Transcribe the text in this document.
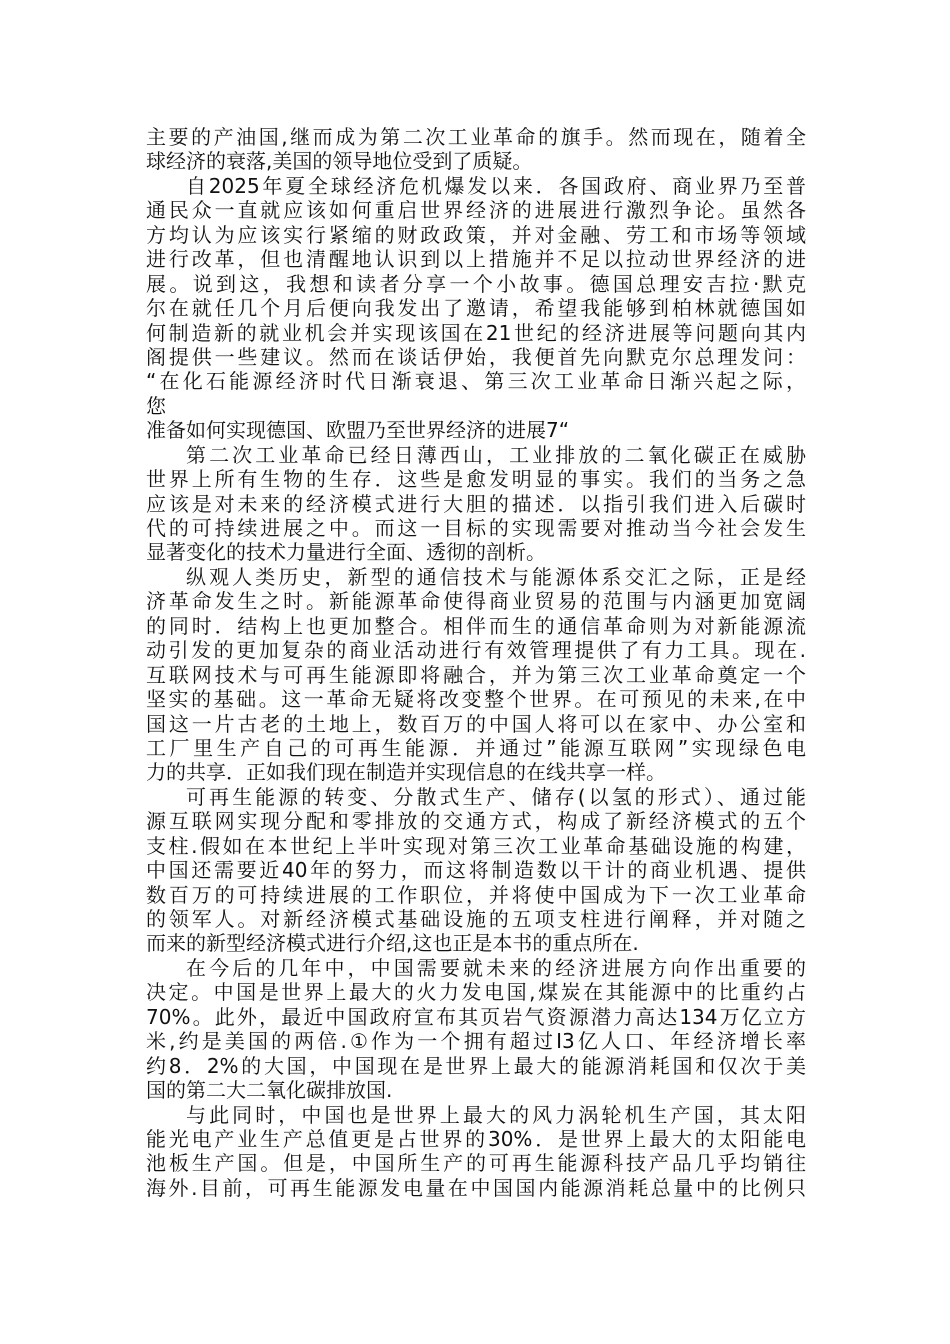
主要的产油国,继而成为第二次工业革命的旗手。然而现在，随着全
球经济的衰落,美国的领导地位受到了质疑。
自2025年夏全球经济危机爆发以来．各国政府、商业界乃至普
通民众一直就应该如何重启世界经济的进展进行激烈争论。虽然各
方均认为应该实行紧缩的财政政策，并对金融、劳工和市场等领域
进行改革，但也清醒地认识到以上措施并不足以拉动世界经济的进
展。说到这，我想和读者分享一个小故事。德国总理安吉拉·默克
尔在就任几个月后便向我发出了邀请，希望我能够到柏林就德国如
何制造新的就业机会并实现该国在21世纪的经济进展等问题向其内
阁提供一些建议。然而在谈话伊始，我便首先向默克尔总理发问：
“在化石能源经济时代日渐衰退、第三次工业革命日渐兴起之际，
您
准备如何实现德国、欧盟乃至世界经济的进展7“
第二次工业革命已经日薄西山，工业排放的二氧化碳正在威胁
世界上所有生物的生存．这些是愈发明显的事实。我们的当务之急
应该是对未来的经济模式进行大胆的描述．以指引我们进入后碳时
代的可持续进展之中。而这一目标的实现需要对推动当今社会发生
显著变化的技术力量进行全面、透彻的剖析。
纵观人类历史，新型的通信技术与能源体系交汇之际，正是经
济革命发生之时。新能源革命使得商业贸易的范围与内涵更加宽阔
的同时．结构上也更加整合。相伴而生的通信革命则为对新能源流
动引发的更加复杂的商业活动进行有效管理提供了有力工具。现在.
互联网技术与可再生能源即将融合，并为第三次工业革命奠定一个
坚实的基础。这一革命无疑将改变整个世界。在可预见的未来,在中
国这一片古老的土地上，数百万的中国人将可以在家中、办公室和
工厂里生产自己的可再生能源．并通过”能源互联网”实现绿色电
力的共享．正如我们现在制造并实现信息的在线共享一样。
可再生能源的转变、分散式生产、储存(以氢的形式）、通过能
源互联网实现分配和零排放的交通方式，构成了新经济模式的五个
支柱.假如在本世纪上半叶实现对第三次工业革命基础设施的构建，
中国还需要近40年的努力，而这将制造数以干计的商业机遇、提供
数百万的可持续进展的工作职位，并将使中国成为下一次工业革命
的领军人。对新经济模式基础设施的五项支柱进行阐释，并对随之
而来的新型经济模式进行介绍,这也正是本书的重点所在.
在今后的几年中，中国需要就未来的经济进展方向作出重要的
决定。中国是世界上最大的火力发电国,煤炭在其能源中的比重约占
70%。此外，最近中国政府宣布其页岩气资源潜力高达134万亿立方
米,约是美国的两倍.①作为一个拥有超过I3亿人口、年经济增长率
约8．2%的大国，中国现在是世界上最大的能源消耗国和仅次于美
国的第二大二氧化碳排放国.
与此同时，中国也是世界上最大的风力涡轮机生产国，其太阳
能光电产业生产总值更是占世界的30%．是世界上最大的太阳能电
池板生产国。但是，中国所生产的可再生能源科技产品几乎均销往
海外.目前，可再生能源发电量在中国国内能源消耗总量中的比例只
